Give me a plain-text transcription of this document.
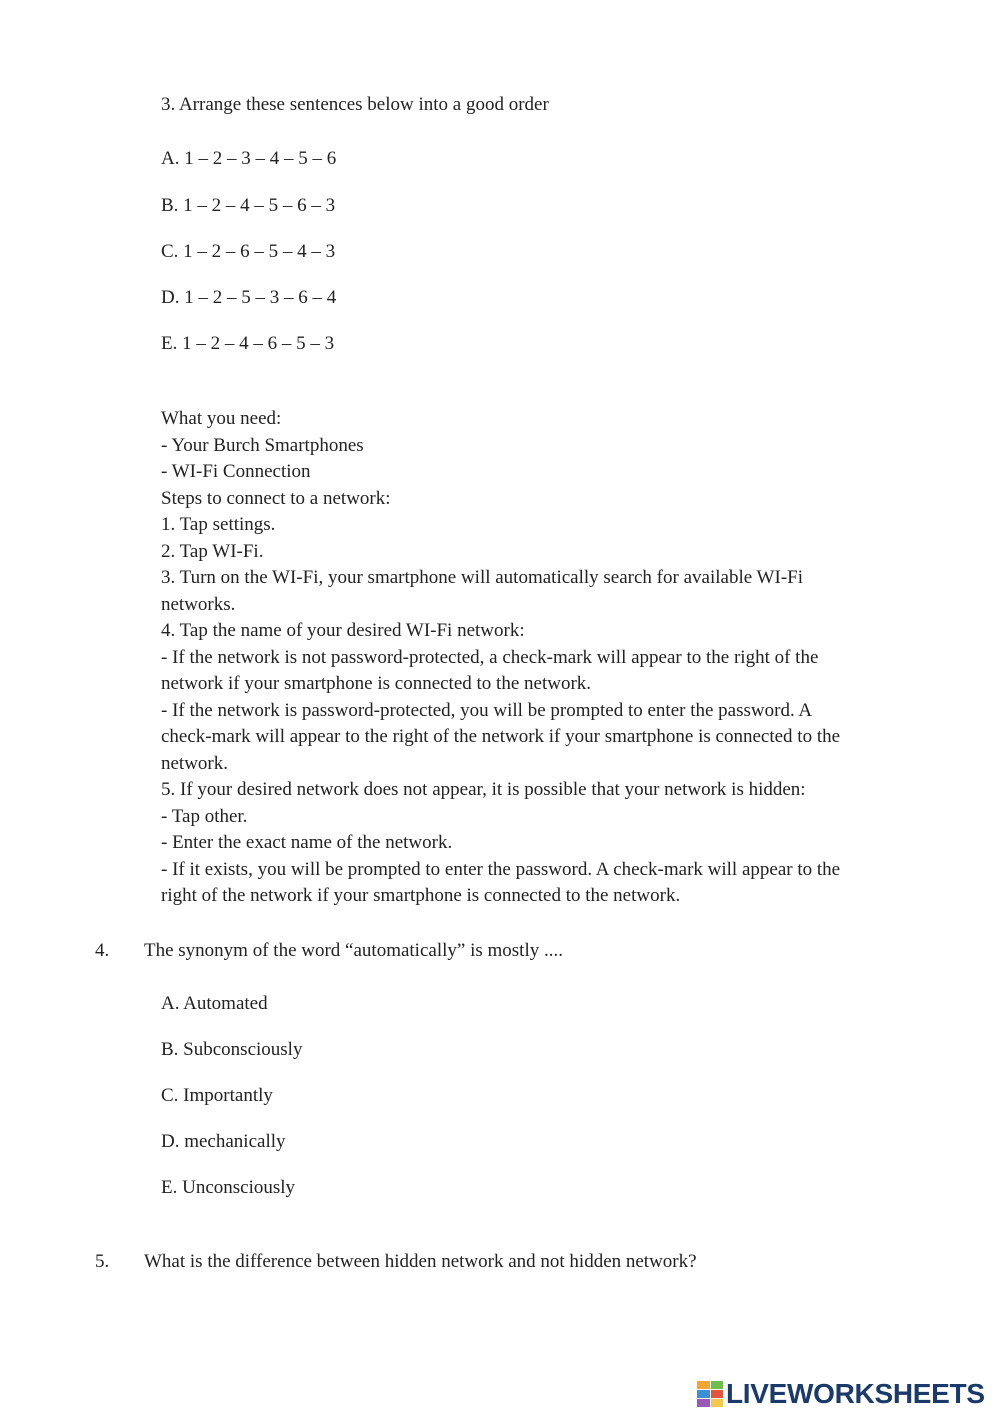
3. Arrange these sentences below into a good order
A. 1 – 2 – 3 – 4 – 5 – 6
B. 1 – 2 – 4 – 5 – 6 – 3
C. 1 – 2 – 6 – 5 – 4 – 3
D. 1 – 2 – 5 – 3 – 6 – 4
E. 1 – 2 – 4 – 6 – 5 – 3
What you need:
- Your Burch Smartphones
- WI-Fi Connection
Steps to connect to a network:
1. Tap settings.
2. Tap WI-Fi.
3. Turn on the WI-Fi, your smartphone will automatically search for available WI-Fi
networks.
4. Tap the name of your desired WI-Fi network:
- If the network is not password-protected, a check-mark will appear to the right of the
network if your smartphone is connected to the network.
- If the network is password-protected, you will be prompted to enter the password. A
check-mark will appear to the right of the network if your smartphone is connected to the
network.
5. If your desired network does not appear, it is possible that your network is hidden:
- Tap other.
- Enter the exact name of the network.
- If it exists, you will be prompted to enter the password. A check-mark will appear to the
right of the network if your smartphone is connected to the network.
4. The synonym of the word “automatically” is mostly ....
A. Automated
B. Subconsciously
C. Importantly
D. mechanically
E. Unconsciously
5. What is the difference between hidden network and not hidden network?
LIVEWORKSHEETS
